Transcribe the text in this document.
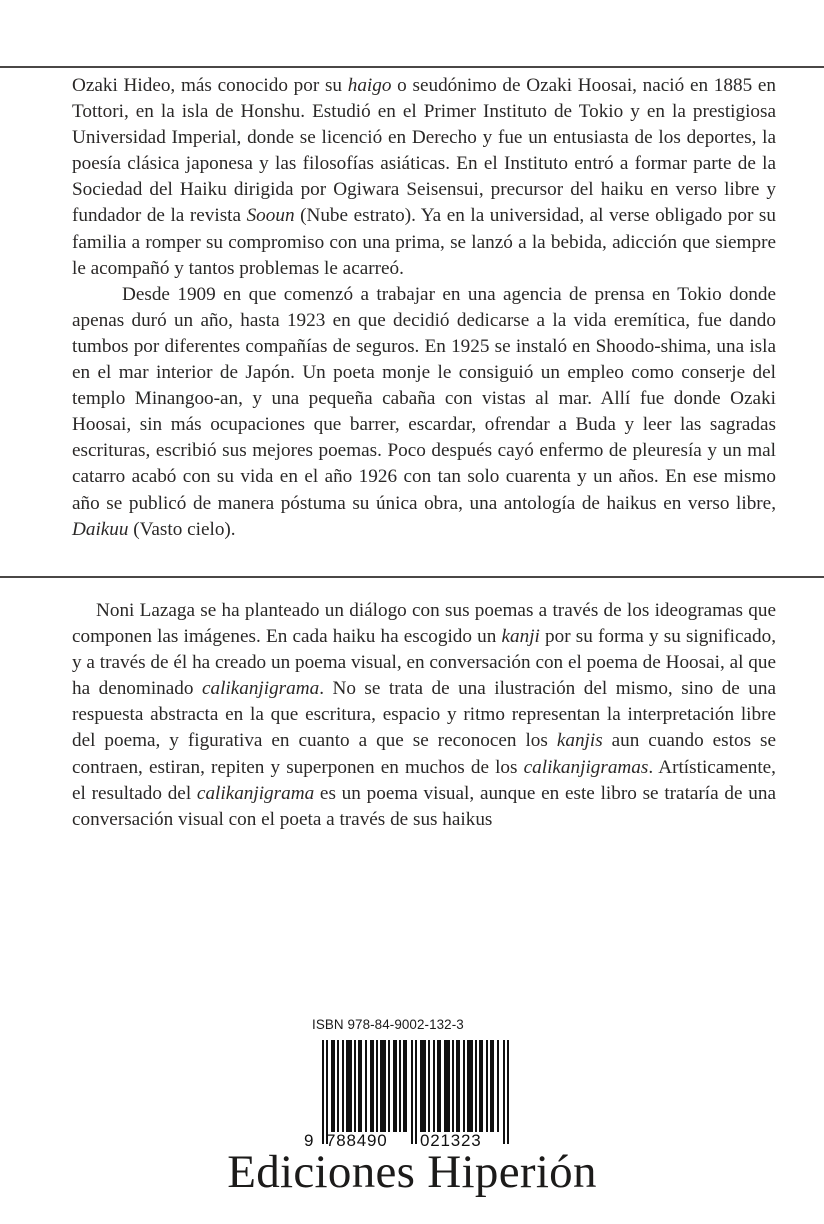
Ozaki Hideo, más conocido por su haigo o seudónimo de Ozaki Hoosai, nació en 1885 en Tottori, en la isla de Honshu. Estudió en el Primer Instituto de Tokio y en la prestigiosa Universidad Imperial, donde se licenció en Derecho y fue un entusiasta de los deportes, la poesía clásica japonesa y las filosofías asiáticas. En el Instituto entró a formar parte de la Sociedad del Haiku dirigida por Ogiwara Seisensui, precursor del haiku en verso libre y fundador de la revista Sooun (Nube estrato). Ya en la universidad, al verse obligado por su familia a romper su compromiso con una prima, se lanzó a la bebida, adicción que siempre le acompañó y tantos problemas le acarreó.

Desde 1909 en que comenzó a trabajar en una agencia de prensa en Tokio donde apenas duró un año, hasta 1923 en que decidió dedicarse a la vida eremítica, fue dando tumbos por diferentes compañías de seguros. En 1925 se instaló en Shoodo-shima, una isla en el mar interior de Japón. Un poeta monje le consiguió un empleo como conserje del templo Minangoo-an, y una pequeña cabaña con vistas al mar. Allí fue donde Ozaki Hoosai, sin más ocupaciones que barrer, escardar, ofrendar a Buda y leer las sagradas escrituras, escribió sus mejores poemas. Poco después cayó enfermo de pleuresía y un mal catarro acabó con su vida en el año 1926 con tan solo cuarenta y un años. En ese mismo año se publicó de manera póstuma su única obra, una antología de haikus en verso libre, Daikuu (Vasto cielo).

Noni Lazaga se ha planteado un diálogo con sus poemas a través de los ideogramas que componen las imágenes. En cada haiku ha escogido un kanji por su forma y su significado, y a través de él ha creado un poema visual, en conversación con el poema de Hoosai, al que ha denominado calikanjigrama. No se trata de una ilustración del mismo, sino de una respuesta abstracta en la que escritura, espacio y ritmo representan la interpretación libre del poema, y figurativa en cuanto a que se reconocen los kanjis aun cuando estos se contraen, estiran, repiten y superponen en muchos de los calikanjigramas. Artísticamente, el resultado del calikanjigrama es un poema visual, aunque en este libro se trataría de una conversación visual con el poeta a través de sus haikus

ISBN 978-84-9002-132-3
9 788490 021323
Ediciones Hiperión
